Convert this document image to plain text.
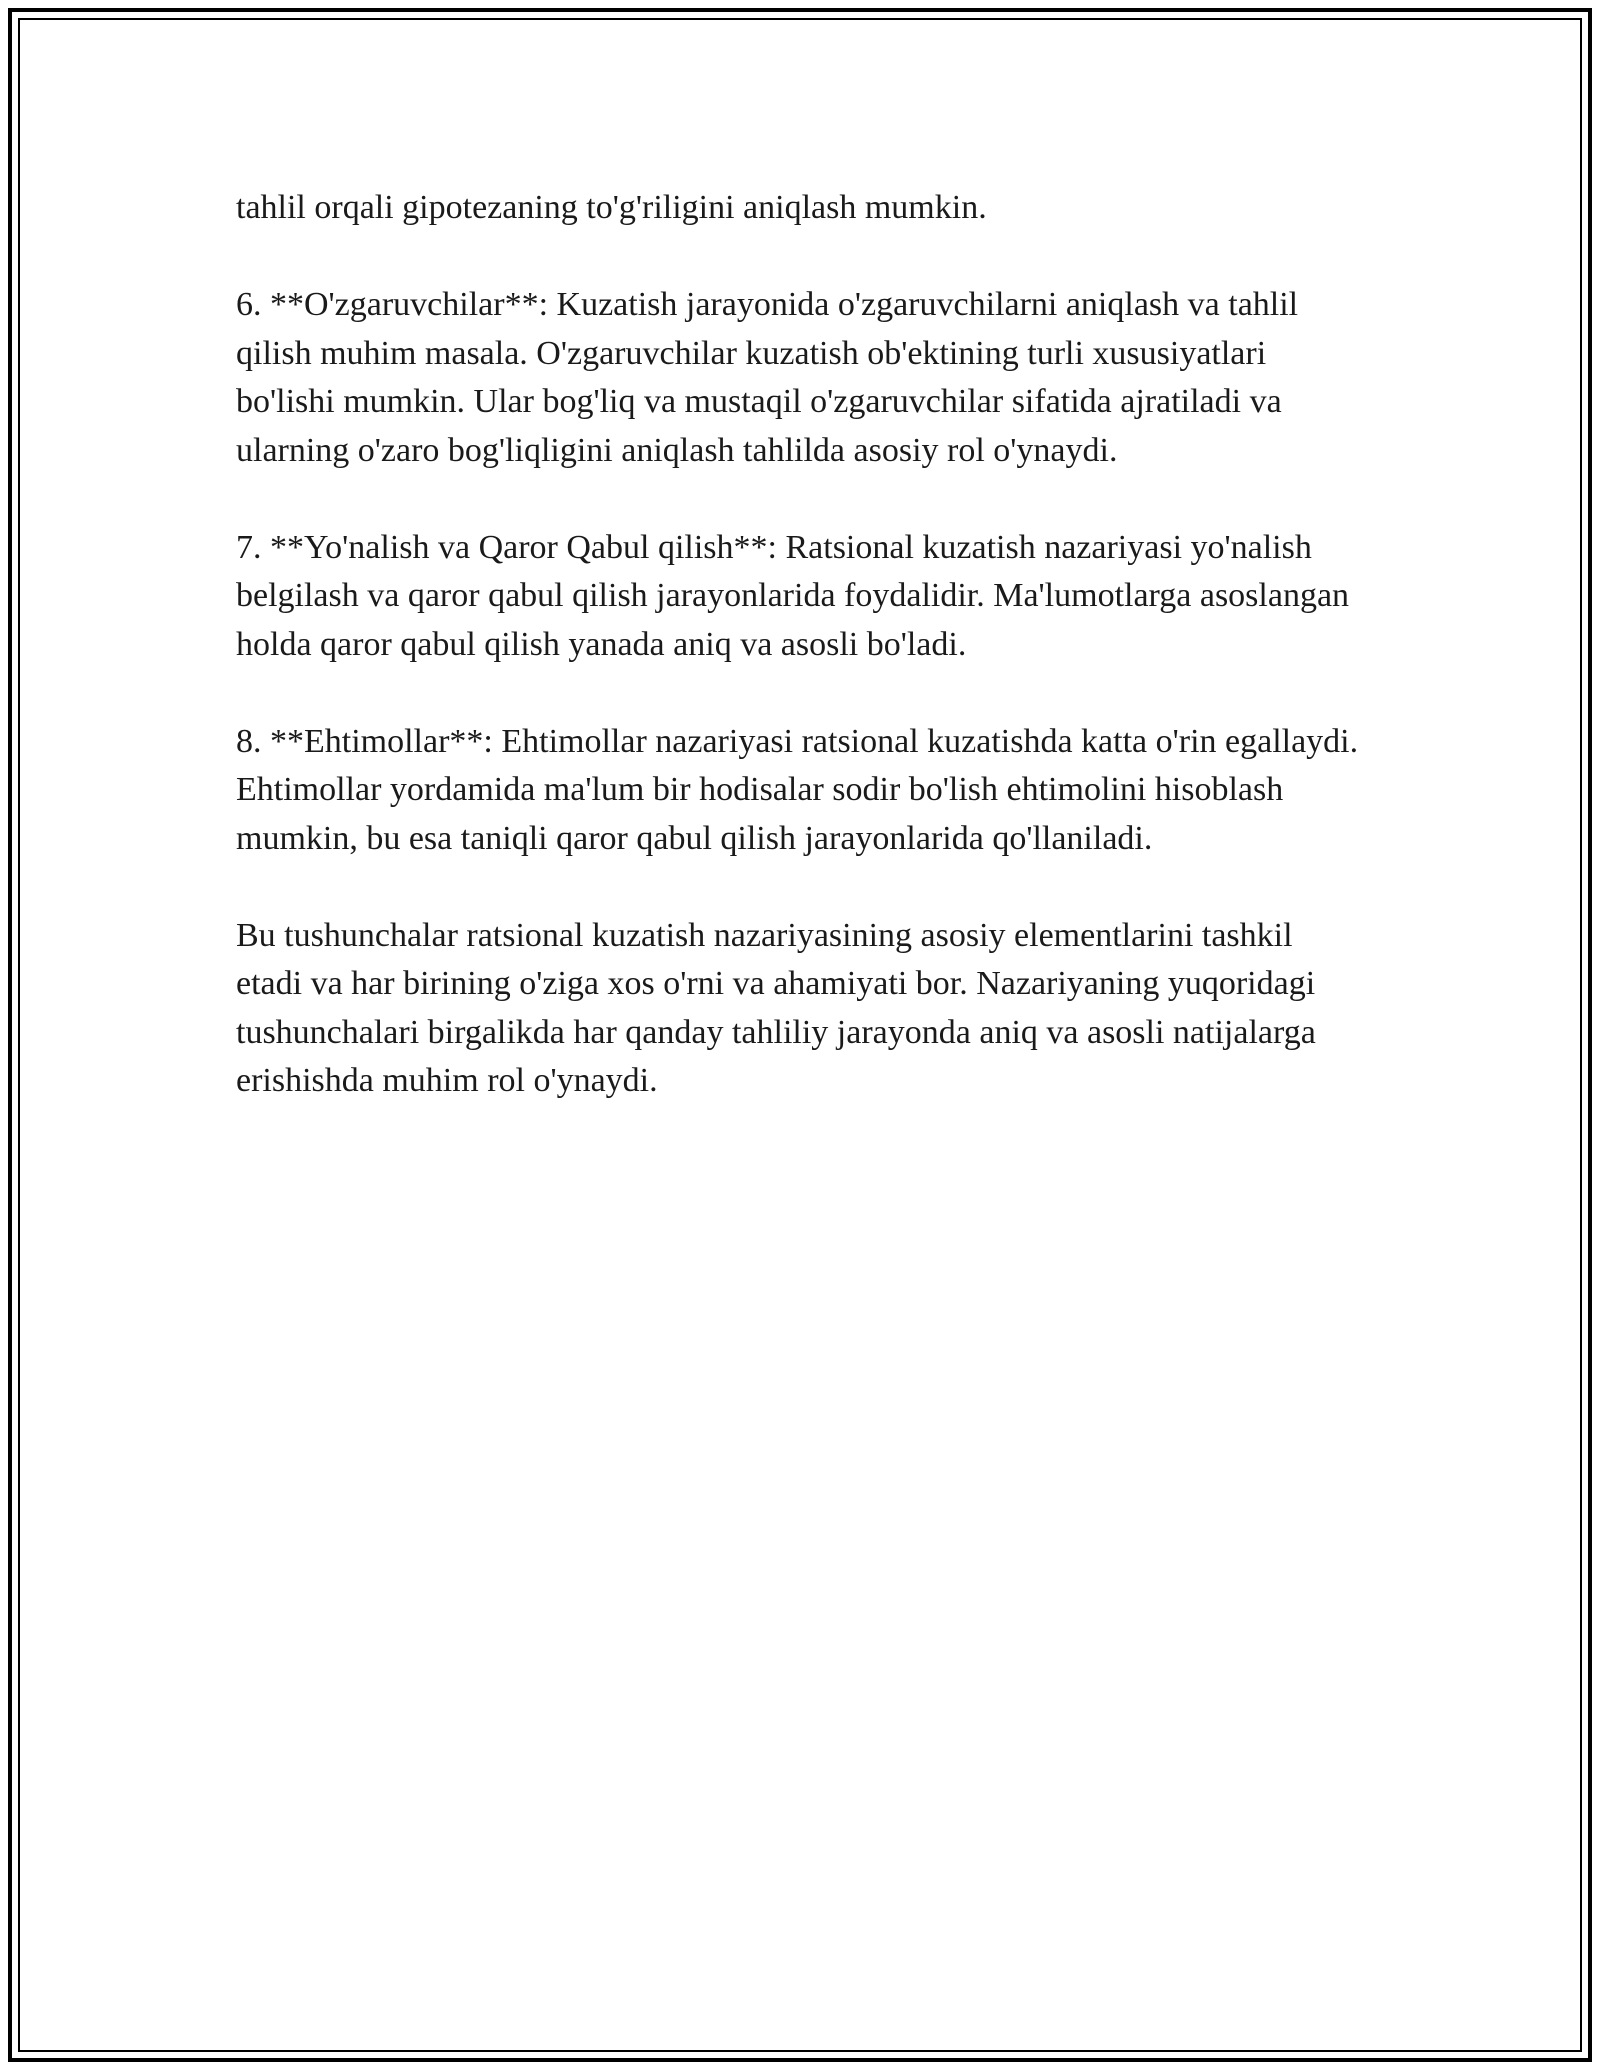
tahlil orqali gipotezaning to'g'riligini aniqlash mumkin.

6. **O'zgaruvchilar**: Kuzatish jarayonida o'zgaruvchilarni aniqlash va tahlil qilish muhim masala. O'zgaruvchilar kuzatish ob'ektining turli xususiyatlari bo'lishi mumkin. Ular bog'liq va mustaqil o'zgaruvchilar sifatida ajratiladi va ularning o'zaro bog'liqligini aniqlash tahlilda asosiy rol o'ynaydi.

7. **Yo'nalish va Qaror Qabul qilish**: Ratsional kuzatish nazariyasi yo'nalish belgilash va qaror qabul qilish jarayonlarida foydalidir. Ma'lumotlarga asoslangan holda qaror qabul qilish yanada aniq va asosli bo'ladi.

8. **Ehtimollar**: Ehtimollar nazariyasi ratsional kuzatishda katta o'rin egallaydi. Ehtimollar yordamida ma'lum bir hodisalar sodir bo'lish ehtimolini hisoblash mumkin, bu esa taniqli qaror qabul qilish jarayonlarida qo'llaniladi.

Bu tushunchalar ratsional kuzatish nazariyasining asosiy elementlarini tashkil etadi va har birining o'ziga xos o'rni va ahamiyati bor. Nazariyaning yuqoridagi tushunchalari birgalikda har qanday tahliliy jarayonda aniq va asosli natijalarga erishishda muhim rol o'ynaydi.
